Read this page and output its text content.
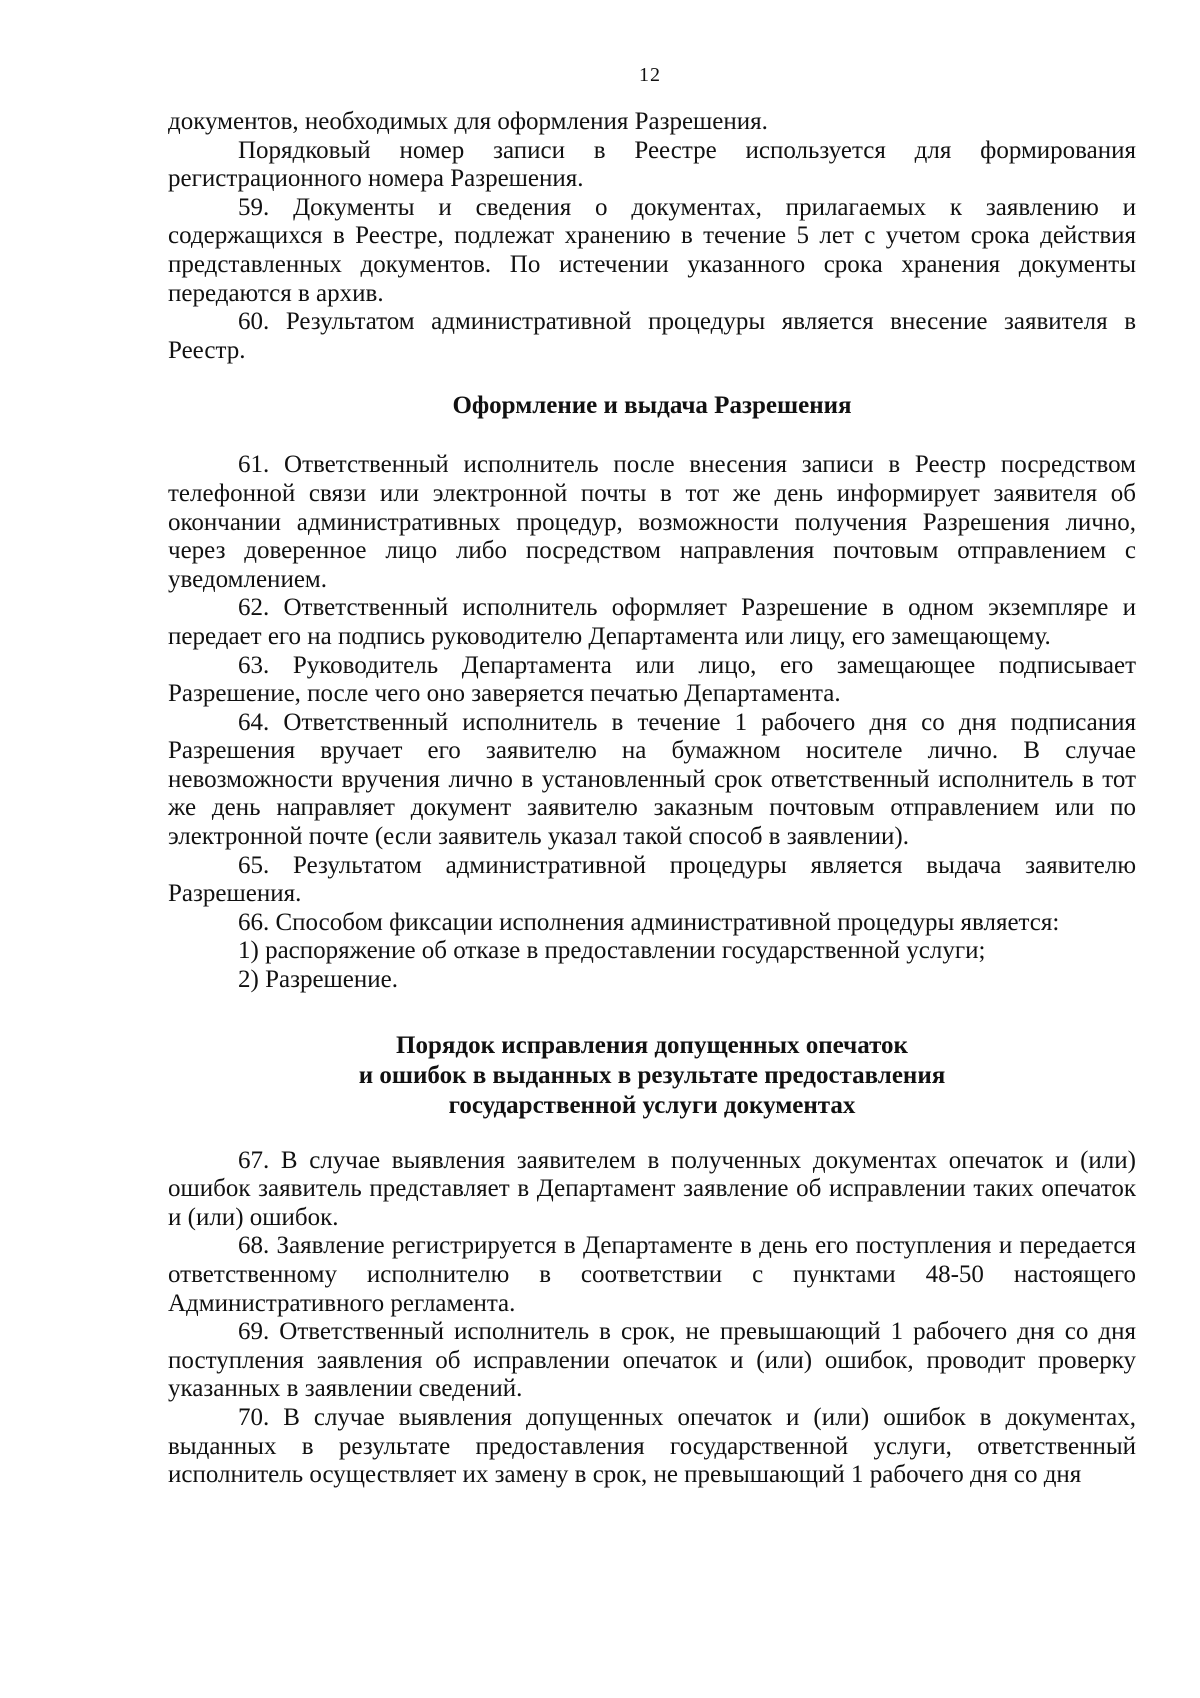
12

документов, необходимых для оформления Разрешения.

Порядковый номер записи в Реестре используется для формирования регистрационного номера Разрешения.

59. Документы и сведения о документах, прилагаемых к заявлению и содержащихся в Реестре, подлежат хранению в течение 5 лет с учетом срока действия представленных документов. По истечении указанного срока хранения документы передаются в архив.

60. Результатом административной процедуры является внесение заявителя в Реестр.

Оформление и выдача Разрешения

61. Ответственный исполнитель после внесения записи в Реестр посредством телефонной связи или электронной почты в тот же день информирует заявителя об окончании административных процедур, возможности получения Разрешения лично, через доверенное лицо либо посредством направления почтовым отправлением с уведомлением.

62. Ответственный исполнитель оформляет Разрешение в одном экземпляре и передает его на подпись руководителю Департамента или лицу, его замещающему.

63. Руководитель Департамента или лицо, его замещающее подписывает Разрешение, после чего оно заверяется печатью Департамента.

64. Ответственный исполнитель в течение 1 рабочего дня со дня подписания Разрешения вручает его заявителю на бумажном носителе лично. В случае невозможности вручения лично в установленный срок ответственный исполнитель в тот же день направляет документ заявителю заказным почтовым отправлением или по электронной почте (если заявитель указал такой способ в заявлении).

65. Результатом административной процедуры является выдача заявителю Разрешения.

66. Способом фиксации исполнения административной процедуры является:

1) распоряжение об отказе в предоставлении государственной услуги;

2) Разрешение.

Порядок исправления допущенных опечаток

и ошибок в выданных в результате предоставления

государственной услуги документах

67. В случае выявления заявителем в полученных документах опечаток и (или) ошибок заявитель представляет в Департамент заявление об исправлении таких опечаток и (или) ошибок.

68. Заявление регистрируется в Департаменте в день его поступления и передается ответственному исполнителю в соответствии с пунктами 48-50 настоящего Административного регламента.

69. Ответственный исполнитель в срок, не превышающий 1 рабочего дня со дня поступления заявления об исправлении опечаток и (или) ошибок, проводит проверку указанных в заявлении сведений.

70. В случае выявления допущенных опечаток и (или) ошибок в документах, выданных в результате предоставления государственной услуги, ответственный исполнитель осуществляет их замену в срок, не превышающий 1 рабочего дня со дня
